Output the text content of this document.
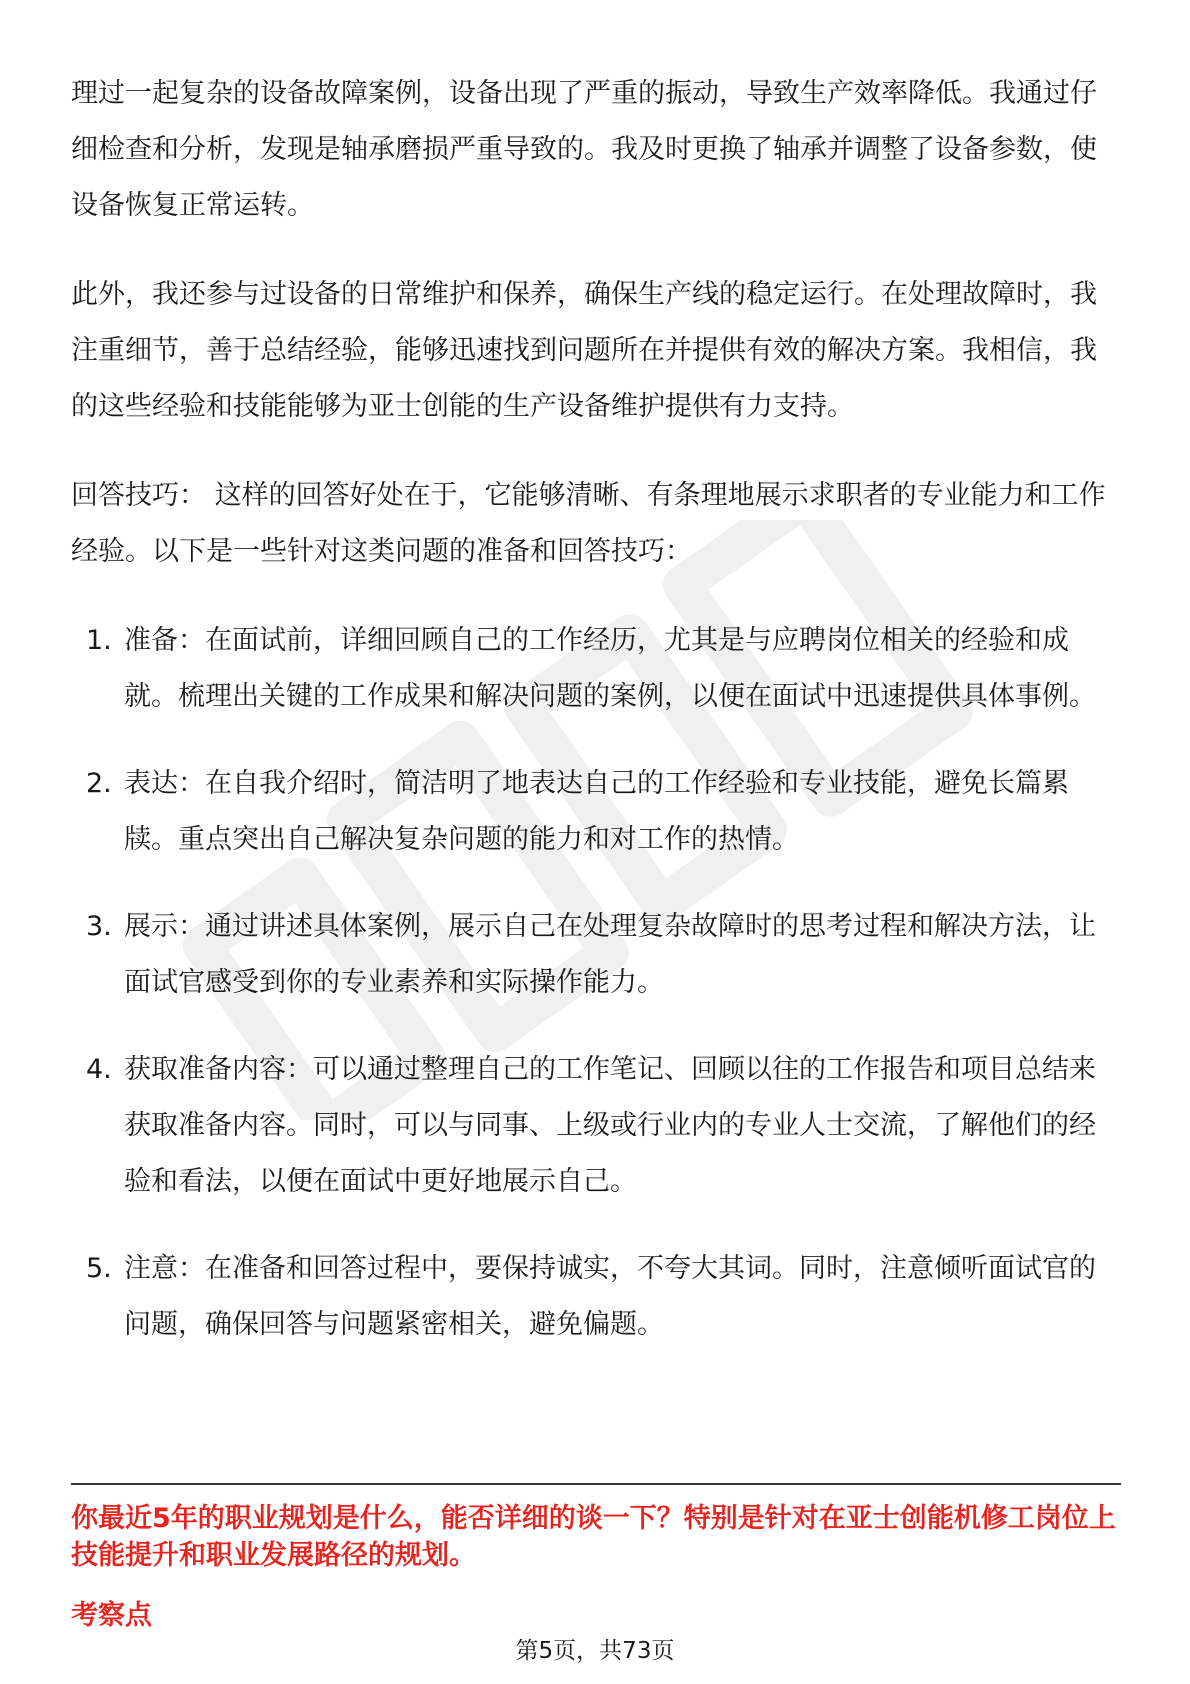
理过一起复杂的设备故障案例，设备出现了严重的振动，导致生产效率降低。我通过仔细检查和分析，发现是轴承磨损严重导致的。我及时更换了轴承并调整了设备参数，使设备恢复正常运转。

此外，我还参与过设备的日常维护和保养，确保生产线的稳定运行。在处理故障时，我注重细节，善于总结经验，能够迅速找到问题所在并提供有效的解决方案。我相信，我的这些经验和技能能够为亚士创能的生产设备维护提供有力支持。

回答技巧： 这样的回答好处在于，它能够清晰、有条理地展示求职者的专业能力和工作经验。以下是一些针对这类问题的准备和回答技巧：

1. 准备：在面试前，详细回顾自己的工作经历，尤其是与应聘岗位相关的经验和成就。梳理出关键的工作成果和解决问题的案例，以便在面试中迅速提供具体事例。
2. 表达：在自我介绍时，简洁明了地表达自己的工作经验和专业技能，避免长篇累牍。重点突出自己解决复杂问题的能力和对工作的热情。
3. 展示：通过讲述具体案例，展示自己在处理复杂故障时的思考过程和解决方法，让面试官感受到你的专业素养和实际操作能力。
4. 获取准备内容：可以通过整理自己的工作笔记、回顾以往的工作报告和项目总结来获取准备内容。同时，可以与同事、上级或行业内的专业人士交流，了解他们的经验和看法，以便在面试中更好地展示自己。
5. 注意：在准备和回答过程中，要保持诚实，不夸大其词。同时，注意倾听面试官的问题，确保回答与问题紧密相关，避免偏题。
你最近5年的职业规划是什么，能否详细的谈一下？特别是针对在亚士创能机修工岗位上技能提升和职业发展路径的规划。
考察点
第5页，共73页
